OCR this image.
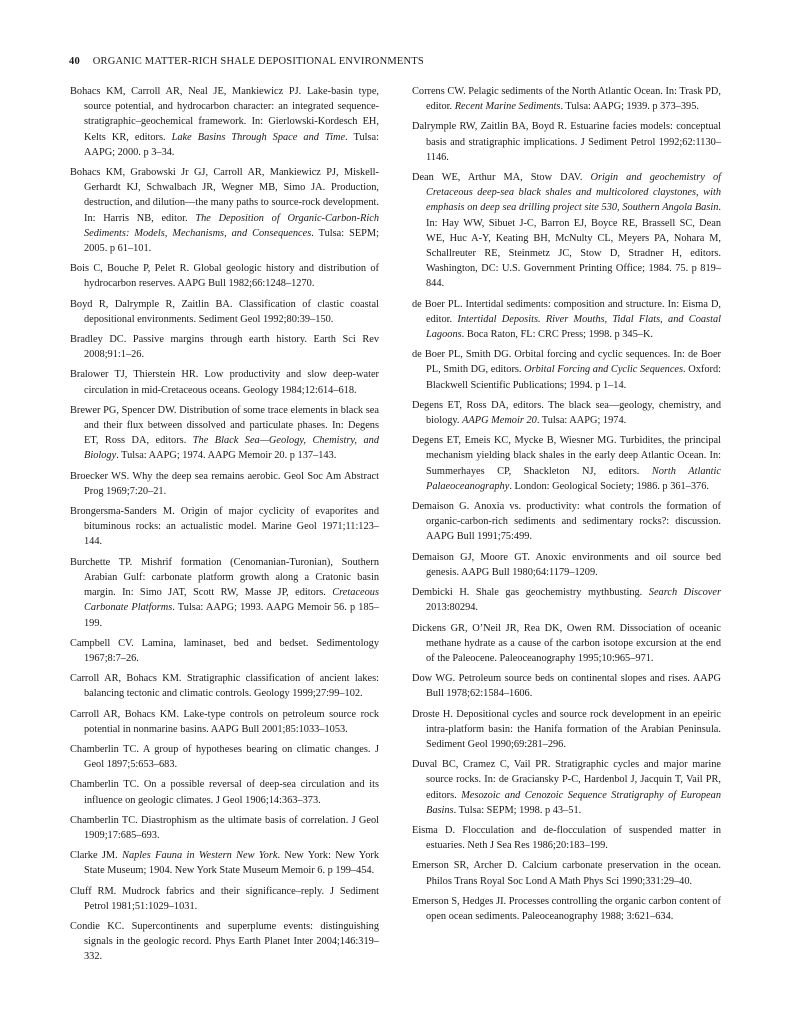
40 ORGANIC MATTER-RICH SHALE DEPOSITIONAL ENVIRONMENTS

Bohacs KM, Carroll AR, Neal JE, Mankiewicz PJ. Lake-basin type, source potential, and hydrocarbon character: an integrated sequence-stratigraphic–geochemical framework. In: Gierlowski-Kordesch EH, Kelts KR, editors. Lake Basins Through Space and Time. Tulsa: AAPG; 2000. p 3–34.

Bohacs KM, Grabowski Jr GJ, Carroll AR, Mankiewicz PJ, Miskell-Gerhardt KJ, Schwalbach JR, Wegner MB, Simo JA. Production, destruction, and dilution—the many paths to source-rock development. In: Harris NB, editor. The Deposition of Organic-Carbon-Rich Sediments: Models, Mechanisms, and Consequences. Tulsa: SEPM; 2005. p 61–101.

Bois C, Bouche P, Pelet R. Global geologic history and distribution of hydrocarbon reserves. AAPG Bull 1982;66:1248–1270.

Boyd R, Dalrymple R, Zaitlin BA. Classification of clastic coastal depositional environments. Sediment Geol 1992;80:39–150.

Bradley DC. Passive margins through earth history. Earth Sci Rev 2008;91:1–26.

Bralower TJ, Thierstein HR. Low productivity and slow deep-water circulation in mid-Cretaceous oceans. Geology 1984;12:614–618.

Brewer PG, Spencer DW. Distribution of some trace elements in black sea and their flux between dissolved and particulate phases. In: Degens ET, Ross DA, editors. The Black Sea—Geology, Chemistry, and Biology. Tulsa: AAPG; 1974. AAPG Memoir 20. p 137–143.

Broecker WS. Why the deep sea remains aerobic. Geol Soc Am Abstract Prog 1969;7:20–21.

Brongersma-Sanders M. Origin of major cyclicity of evaporites and bituminous rocks: an actualistic model. Marine Geol 1971;11:123–144.

Burchette TP. Mishrif formation (Cenomanian-Turonian), Southern Arabian Gulf: carbonate platform growth along a Cratonic basin margin. In: Simo JAT, Scott RW, Masse JP, editors. Cretaceous Carbonate Platforms. Tulsa: AAPG; 1993. AAPG Memoir 56. p 185–199.

Campbell CV. Lamina, laminaset, bed and bedset. Sedimentology 1967;8:7–26.

Carroll AR, Bohacs KM. Stratigraphic classification of ancient lakes: balancing tectonic and climatic controls. Geology 1999;27:99–102.

Carroll AR, Bohacs KM. Lake-type controls on petroleum source rock potential in nonmarine basins. AAPG Bull 2001;85:1033–1053.

Chamberlin TC. A group of hypotheses bearing on climatic changes. J Geol 1897;5:653–683.

Chamberlin TC. On a possible reversal of deep-sea circulation and its influence on geologic climates. J Geol 1906;14:363–373.

Chamberlin TC. Diastrophism as the ultimate basis of correlation. J Geol 1909;17:685–693.

Clarke JM. Naples Fauna in Western New York. New York: New York State Museum; 1904. New York State Museum Memoir 6. p 199–454.

Cluff RM. Mudrock fabrics and their significance–reply. J Sediment Petrol 1981;51:1029–1031.

Condie KC. Supercontinents and superplume events: distinguishing signals in the geologic record. Phys Earth Planet Inter 2004;146:319–332.

Correns CW. Pelagic sediments of the North Atlantic Ocean. In: Trask PD, editor. Recent Marine Sediments. Tulsa: AAPG; 1939. p 373–395.

Dalrymple RW, Zaitlin BA, Boyd R. Estuarine facies models: conceptual basis and stratigraphic implications. J Sediment Petrol 1992;62:1130–1146.

Dean WE, Arthur MA, Stow DAV. Origin and geochemistry of Cretaceous deep-sea black shales and multicolored claystones, with emphasis on deep sea drilling project site 530, Southern Angola Basin. In: Hay WW, Sibuet J-C, Barron EJ, Boyce RE, Brassell SC, Dean WE, Huc A-Y, Keating BH, McNulty CL, Meyers PA, Nohara M, Schallreuter RE, Steinmetz JC, Stow D, Stradner H, editors. Washington, DC: U.S. Government Printing Office; 1984. 75. p 819–844.

de Boer PL. Intertidal sediments: composition and structure. In: Eisma D, editor. Intertidal Deposits. River Mouths, Tidal Flats, and Coastal Lagoons. Boca Raton, FL: CRC Press; 1998. p 345–K.

de Boer PL, Smith DG. Orbital forcing and cyclic sequences. In: de Boer PL, Smith DG, editors. Orbital Forcing and Cyclic Sequences. Oxford: Blackwell Scientific Publications; 1994. p 1–14.

Degens ET, Ross DA, editors. The black sea—geology, chemistry, and biology. AAPG Memoir 20. Tulsa: AAPG; 1974.

Degens ET, Emeis KC, Mycke B, Wiesner MG. Turbidites, the principal mechanism yielding black shales in the early deep Atlantic Ocean. In: Summerhayes CP, Shackleton NJ, editors. North Atlantic Palaeoceanography. London: Geological Society; 1986. p 361–376.

Demaison G. Anoxia vs. productivity: what controls the formation of organic-carbon-rich sediments and sedimentary rocks?: discussion. AAPG Bull 1991;75:499.

Demaison GJ, Moore GT. Anoxic environments and oil source bed genesis. AAPG Bull 1980;64:1179–1209.

Dembicki H. Shale gas geochemistry mythbusting. Search Discover 2013:80294.

Dickens GR, O’Neil JR, Rea DK, Owen RM. Dissociation of oceanic methane hydrate as a cause of the carbon isotope excursion at the end of the Paleocene. Paleoceanography 1995;10:965–971.

Dow WG. Petroleum source beds on continental slopes and rises. AAPG Bull 1978;62:1584–1606.

Droste H. Depositional cycles and source rock development in an epeiric intra-platform basin: the Hanifa formation of the Arabian Peninsula. Sediment Geol 1990;69:281–296.

Duval BC, Cramez C, Vail PR. Stratigraphic cycles and major marine source rocks. In: de Graciansky P-C, Hardenbol J, Jacquin T, Vail PR, editors. Mesozoic and Cenozoic Sequence Stratigraphy of European Basins. Tulsa: SEPM; 1998. p 43–51.

Eisma D. Flocculation and de-flocculation of suspended matter in estuaries. Neth J Sea Res 1986;20:183–199.

Emerson SR, Archer D. Calcium carbonate preservation in the ocean. Philos Trans Royal Soc Lond A Math Phys Sci 1990;331:29–40.

Emerson S, Hedges JI. Processes controlling the organic carbon content of open ocean sediments. Paleoceanography 1988; 3:621–634.
